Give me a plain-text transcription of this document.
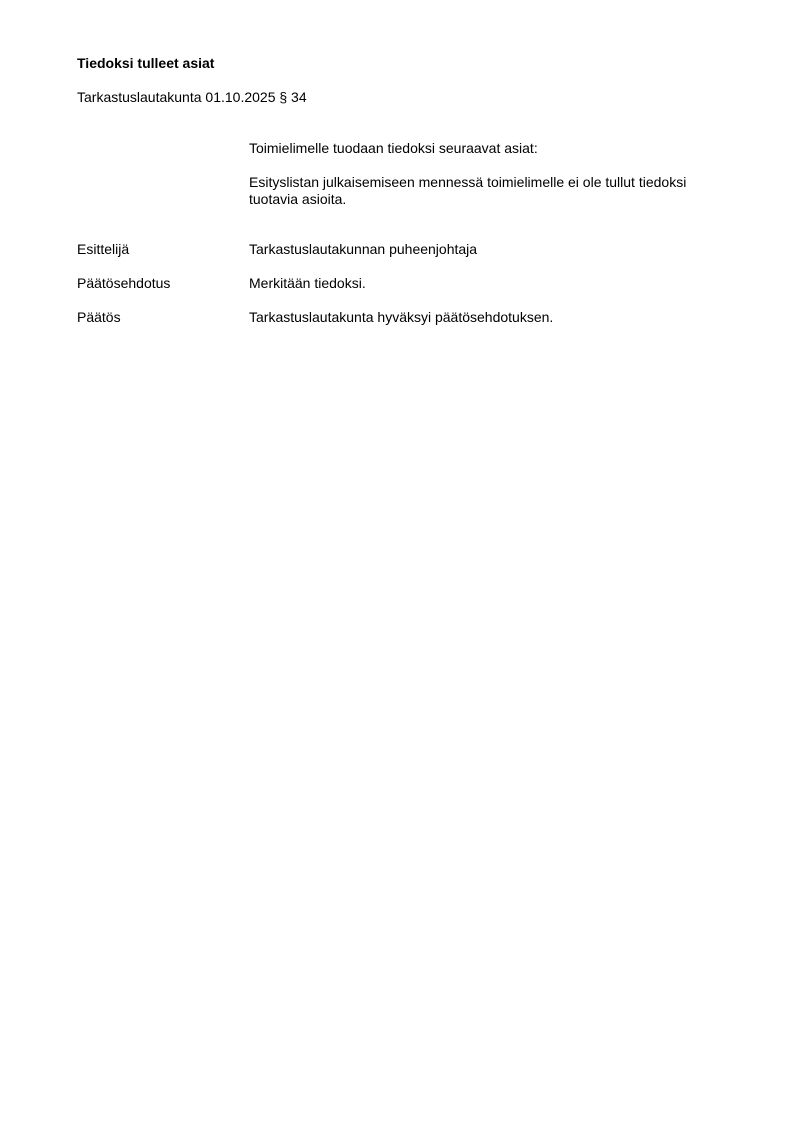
Tiedoksi tulleet asiat
Tarkastuslautakunta 01.10.2025 § 34
Toimielimelle tuodaan tiedoksi seuraavat asiat:
Esityslistan julkaisemiseen mennessä toimielimelle ei ole tullut tiedoksi tuotavia asioita.
Esittelijä	Tarkastuslautakunnan puheenjohtaja
Päätösehdotus	Merkitään tiedoksi.
Päätös	Tarkastuslautakunta hyväksyi päätösehdotuksen.
